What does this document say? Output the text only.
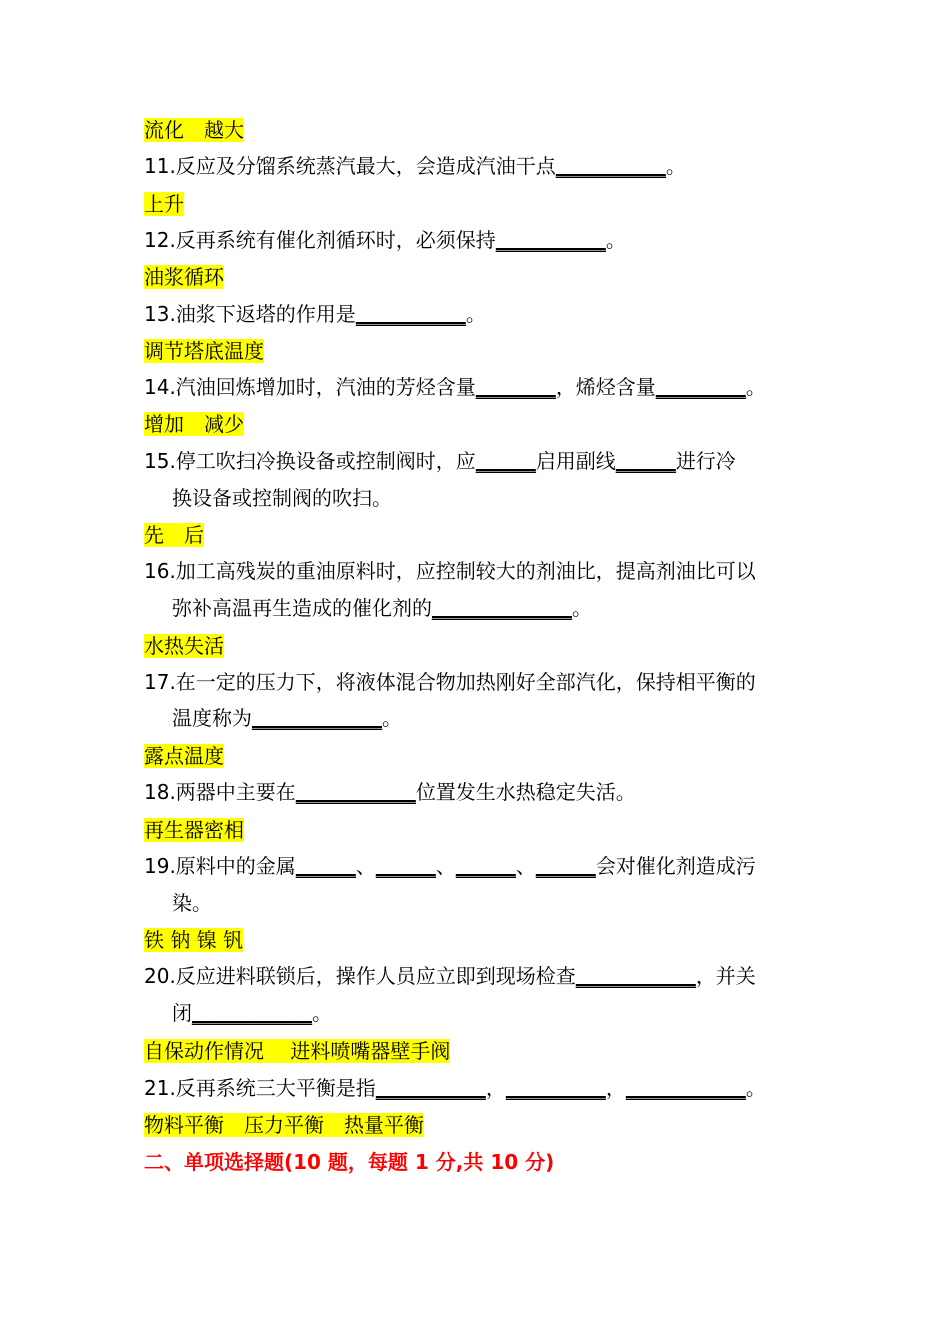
流化　越大
11.反应及分馏系统蒸汽最大，会造成汽油干点___________。
上升
12.反再系统有催化剂循环时，必须保持___________。
油浆循环
13.油浆下返塔的作用是___________。
调节塔底温度
14.汽油回炼增加时，汽油的芳烃含量________，烯烃含量_________。
增加　减少
15.停工吹扫冷换设备或控制阀时，应______启用副线______进行冷
换设备或控制阀的吹扫。
先　后
16.加工高残炭的重油原料时，应控制较大的剂油比，提高剂油比可以
弥补高温再生造成的催化剂的______________。
水热失活
17.在一定的压力下，将液体混合物加热刚好全部汽化，保持相平衡的
温度称为_____________。
露点温度
18.两器中主要在____________位置发生水热稳定失活。
再生器密相
19.原料中的金属______、______、______、______会对催化剂造成污
染。
铁 钠 镍 钒
20.反应进料联锁后，操作人员应立即到现场检查____________，并关
闭____________。
自保动作情况　 进料喷嘴器壁手阀
21.反再系统三大平衡是指___________，__________，____________。
物料平衡　压力平衡　热量平衡
二、单项选择题(10 题，每题 1 分,共 10 分)
